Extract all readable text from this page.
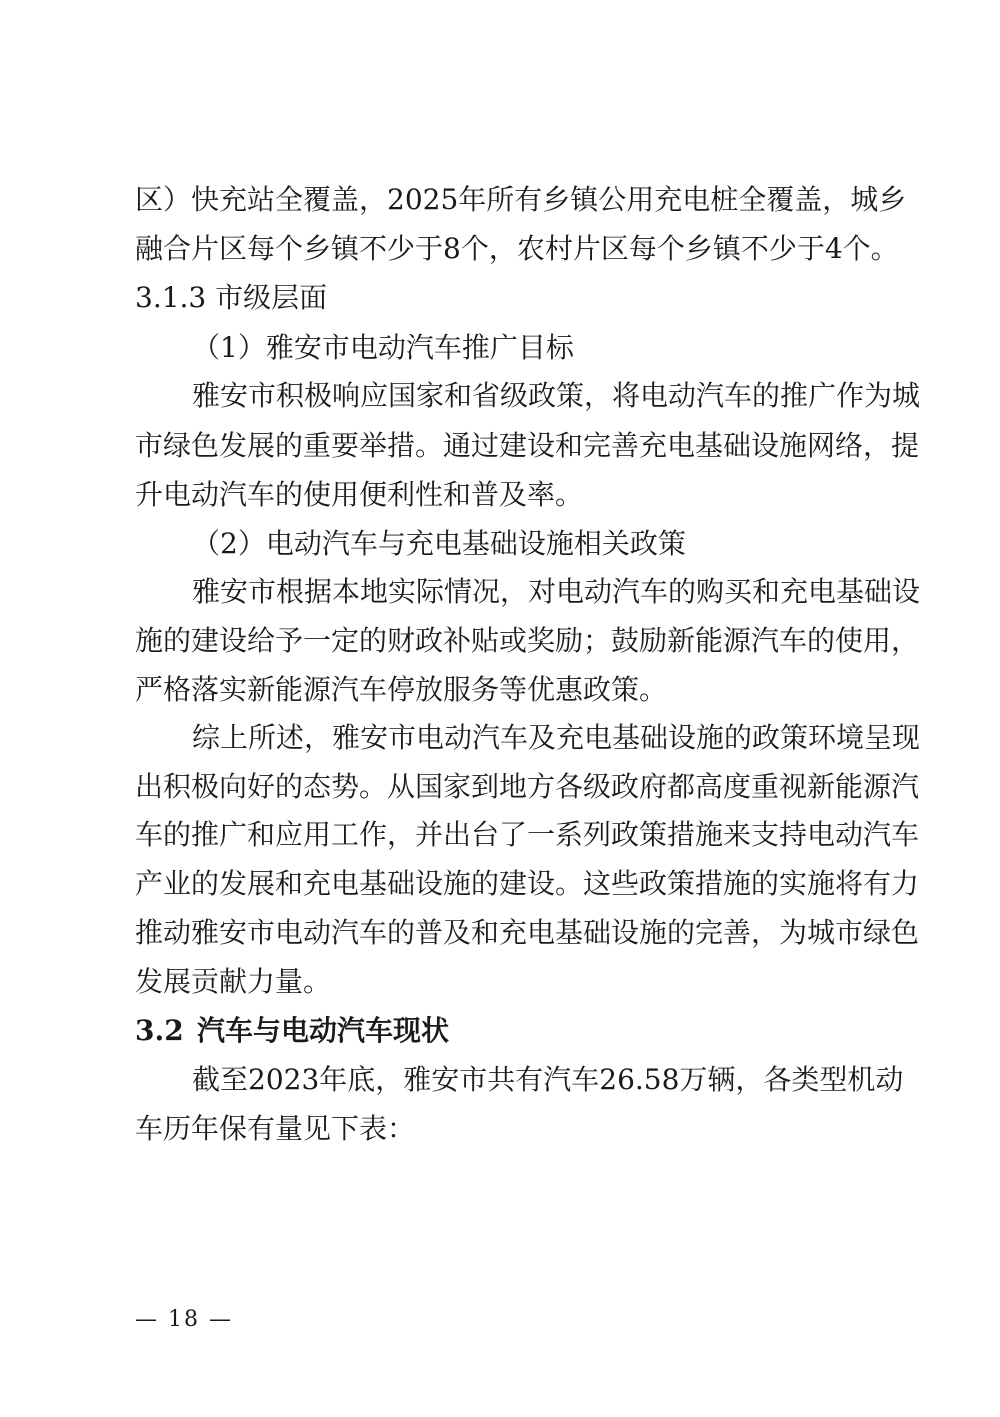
区）快充站全覆盖，2025年所有乡镇公用充电桩全覆盖，城乡
融合片区每个乡镇不少于8个，农村片区每个乡镇不少于4个。
3.1.3 市级层面
（1）雅安市电动汽车推广目标
雅安市积极响应国家和省级政策，将电动汽车的推广作为城
市绿色发展的重要举措。通过建设和完善充电基础设施网络，提
升电动汽车的使用便利性和普及率。
（2）电动汽车与充电基础设施相关政策
雅安市根据本地实际情况，对电动汽车的购买和充电基础设
施的建设给予一定的财政补贴或奖励；鼓励新能源汽车的使用，
严格落实新能源汽车停放服务等优惠政策。
综上所述，雅安市电动汽车及充电基础设施的政策环境呈现
出积极向好的态势。从国家到地方各级政府都高度重视新能源汽
车的推广和应用工作，并出台了一系列政策措施来支持电动汽车
产业的发展和充电基础设施的建设。这些政策措施的实施将有力
推动雅安市电动汽车的普及和充电基础设施的完善，为城市绿色
发展贡献力量。
3.2 汽车与电动汽车现状
截至2023年底，雅安市共有汽车26.58万辆，各类型机动
车历年保有量见下表：
— 18 —
